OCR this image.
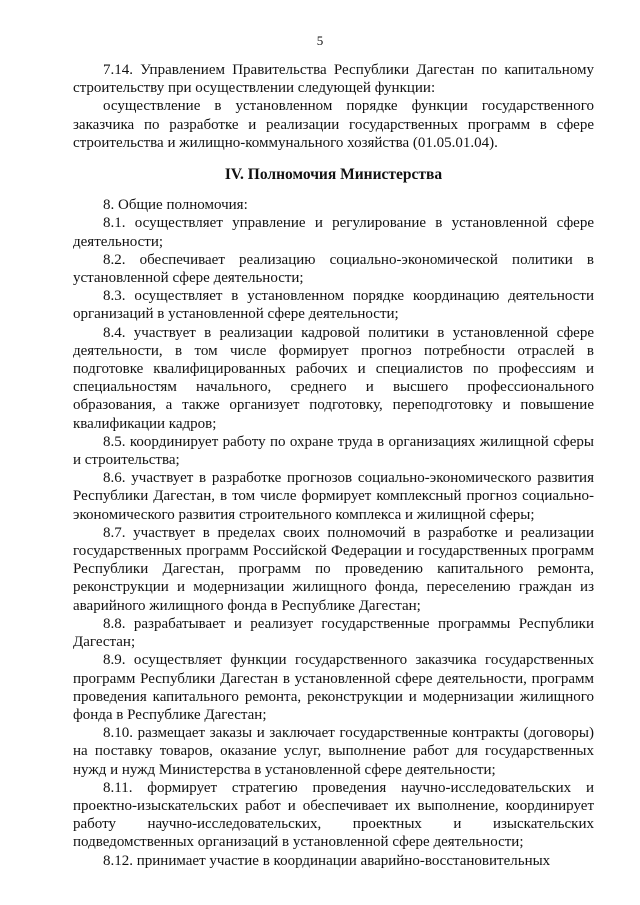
5

7.14. Управлением Правительства Республики Дагестан по капитальному строительству при осуществлении следующей функции:

осуществление в установленном порядке функции государственного заказчика по разработке и реализации государственных программ в сфере строительства и жилищно-коммунального хозяйства (01.05.01.04).

IV. Полномочия Министерства

8. Общие полномочия:

8.1. осуществляет управление и регулирование в установленной сфере деятельности;

8.2. обеспечивает реализацию социально-экономической политики в установленной сфере деятельности;

8.3. осуществляет в установленном порядке координацию деятельности организаций в установленной сфере деятельности;

8.4. участвует в реализации кадровой политики в установленной сфере деятельности, в том числе формирует прогноз потребности отраслей в подготовке квалифицированных рабочих и специалистов по профессиям и специальностям начального, среднего и высшего профессионального образования, а также организует подготовку, переподготовку и повышение квалификации кадров;

8.5. координирует работу по охране труда в организациях жилищной сферы и строительства;

8.6. участвует в разработке прогнозов социально-экономического развития Республики Дагестан, в том числе формирует комплексный прогноз социально-экономического развития строительного комплекса и жилищной сферы;

8.7. участвует в пределах своих полномочий в разработке и реализации государственных программ Российской Федерации и государственных программ Республики Дагестан, программ по проведению капитального ремонта, реконструкции и модернизации жилищного фонда, переселению граждан из аварийного жилищного фонда в Республике Дагестан;

8.8. разрабатывает и реализует государственные программы Республики Дагестан;

8.9. осуществляет функции государственного заказчика государственных программ Республики Дагестан в установленной сфере деятельности, программ проведения капитального ремонта, реконструкции и модернизации жилищного фонда в Республике Дагестан;

8.10. размещает заказы и заключает государственные контракты (договоры) на поставку товаров, оказание услуг, выполнение работ для государственных нужд и нужд Министерства в установленной сфере деятельности;

8.11. формирует стратегию проведения научно-исследовательских и проектно-изыскательских работ и обеспечивает их выполнение, координирует работу научно-исследовательских, проектных и изыскательских подведомственных организаций в установленной сфере деятельности;

8.12. принимает участие в координации аварийно-восстановительных
